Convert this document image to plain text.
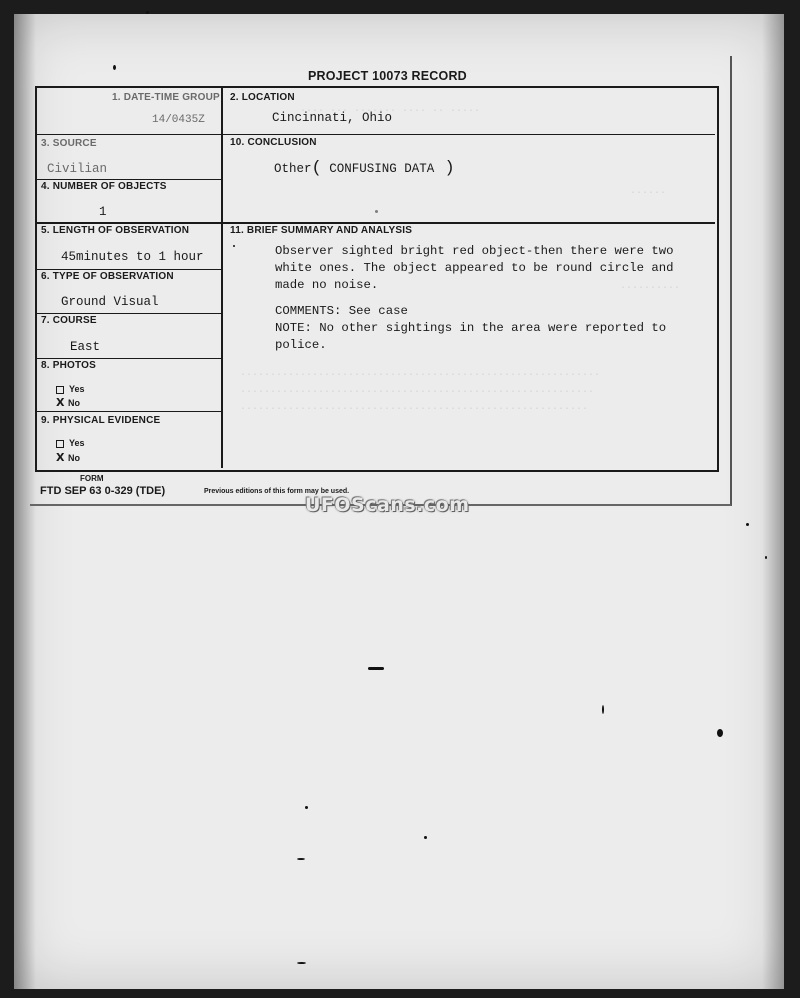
.... ... ....... .... .. .....
......
..........
............................................................
...........................................................
..........................................................
PROJECT 10073 RECORD
1. DATE-TIME GROUP
14/0435Z
2. LOCATION
Cincinnati, Ohio
3. SOURCE
Civilian
10. CONCLUSION
Other( CONFUSING DATA )
4. NUMBER OF OBJECTS
1
5. LENGTH OF OBSERVATION
45minutes to 1 hour
11. BRIEF SUMMARY AND ANALYSIS
6. TYPE OF OBSERVATION
Ground Visual
7. COURSE
East
8. PHOTOS
Yes
X No
9. PHYSICAL EVIDENCE
Yes
X No

Observer sighted bright red object-then there were two white ones. The object appeared to be round circle and made no noise.

COMMENTS: See case

NOTE: No other sightings in the area were reported to police.

FORM
FTD SEP 63 0-329 (TDE)	Previous editions of this form may be used.
UFOScans.com
